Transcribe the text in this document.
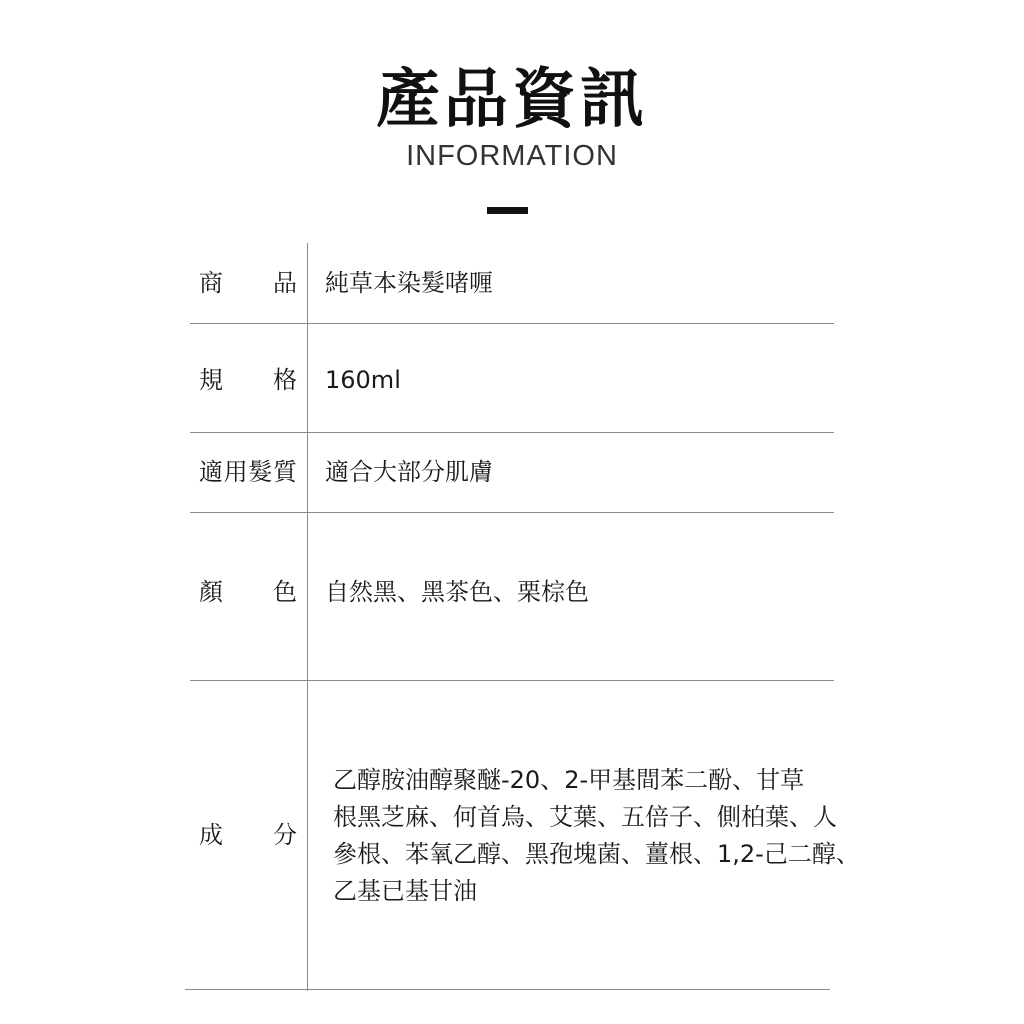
產品資訊
INFORMATION
商 品 純草本染髮啫喱
規 格 160ml
適 用 髮 質 適合大部分肌膚
顏 色 自然黑、黑茶色、栗棕色
成 分
乙醇胺油醇聚醚-20、2-甲基間苯二酚、甘草
根黑芝麻、何首烏、艾葉、五倍子、側柏葉、人
參根、苯氧乙醇、黑孢塊菌、薑根、1,2-己二醇、
乙基已基甘油
